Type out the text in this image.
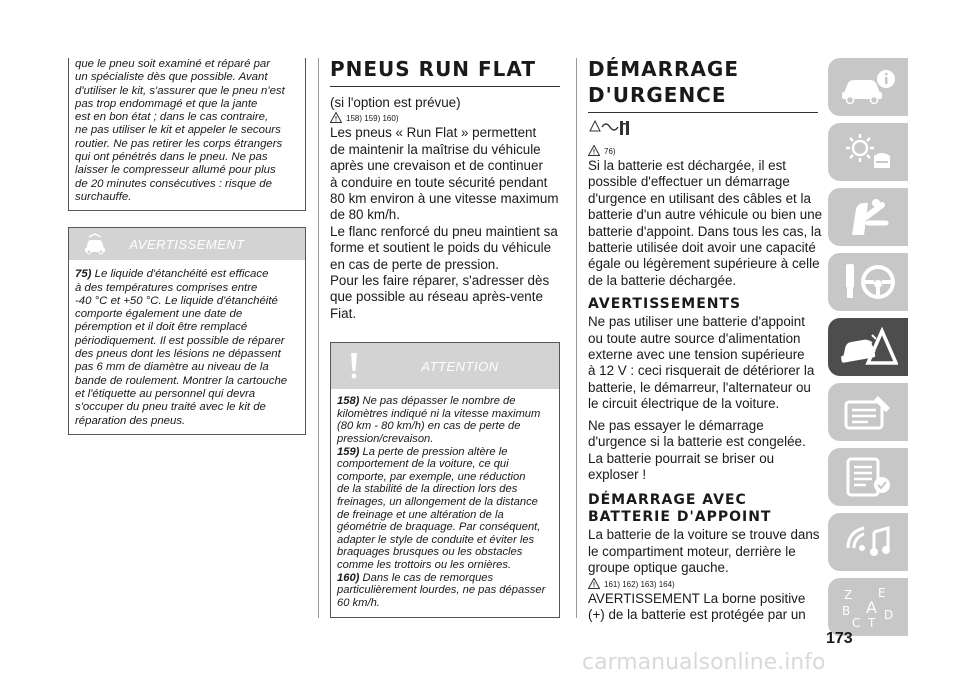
que le pneu soit examiné et réparé par

un spécialiste dès que possible. Avant

d'utiliser le kit, s'assurer que le pneu n'est

pas trop endommagé et que la jante

est en bon état ; dans le cas contraire,

ne pas utiliser le kit et appeler le secours

routier. Ne pas retirer les corps étrangers

qui ont pénétrés dans le pneu. Ne pas

laisser le compresseur allumé pour plus

de 20 minutes consécutives : risque de

surchauffe.

AVERTISSEMENT

75) Le liquide d'étanchéité est efficace

à des températures comprises entre

-40 °C et +50 °C. Le liquide d'étanchéité

comporte également une date de

péremption et il doit être remplacé

périodiquement. Il est possible de réparer

des pneus dont les lésions ne dépassent

pas 6 mm de diamètre au niveau de la

bande de roulement. Montrer la cartouche

et l'étiquette au personnel qui devra

s'occuper du pneu traité avec le kit de

réparation des pneus.

PNEUS RUN FLAT

(si l'option est prévue)

158) 159) 160)

Les pneus « Run Flat » permettent

de maintenir la maîtrise du véhicule

après une crevaison et de continuer

à conduire en toute sécurité pendant

80 km environ à une vitesse maximum

de 80 km/h.

Le flanc renforcé du pneu maintient sa

forme et soutient le poids du véhicule

en cas de perte de pression.

Pour les faire réparer, s'adresser dès

que possible au réseau après-vente

Fiat.

ATTENTION

158) Ne pas dépasser le nombre de

kilomètres indiqué ni la vitesse maximum

(80 km - 80 km/h) en cas de perte de

pression/crevaison.

159) La perte de pression altère le

comportement de la voiture, ce qui

comporte, par exemple, une réduction

de la stabilité de la direction lors des

freinages, un allongement de la distance

de freinage et une altération de la

géométrie de braquage. Par conséquent,

adapter le style de conduite et éviter les

braquages brusques ou les obstacles

comme les trottoirs ou les ornières.

160) Dans le cas de remorques

particulièrement lourdes, ne pas dépasser

60 km/h.

DÉMARRAGE
D'URGENCE
76)

Si la batterie est déchargée, il est

possible d'effectuer un démarrage

d'urgence en utilisant des câbles et la

batterie d'un autre véhicule ou bien une

batterie d'appoint. Dans tous les cas, la

batterie utilisée doit avoir une capacité

égale ou légèrement supérieure à celle

de la batterie déchargée.

AVERTISSEMENTS

Ne pas utiliser une batterie d'appoint

ou toute autre source d'alimentation

externe avec une tension supérieure

à 12 V : ceci risquerait de détériorer la

batterie, le démarreur, l'alternateur ou

le circuit électrique de la voiture.

Ne pas essayer le démarrage

d'urgence si la batterie est congelée.

La batterie pourrait se briser ou

exploser !

DÉMARRAGE AVEC
BATTERIE D'APPOINT

La batterie de la voiture se trouve dans

le compartiment moteur, derrière le

groupe optique gauche.

161) 162) 163) 164)

AVERTISSEMENT La borne positive

(+) de la batterie est protégée par un

Z E
B A
C T
D
173
carmanualsonline.info
